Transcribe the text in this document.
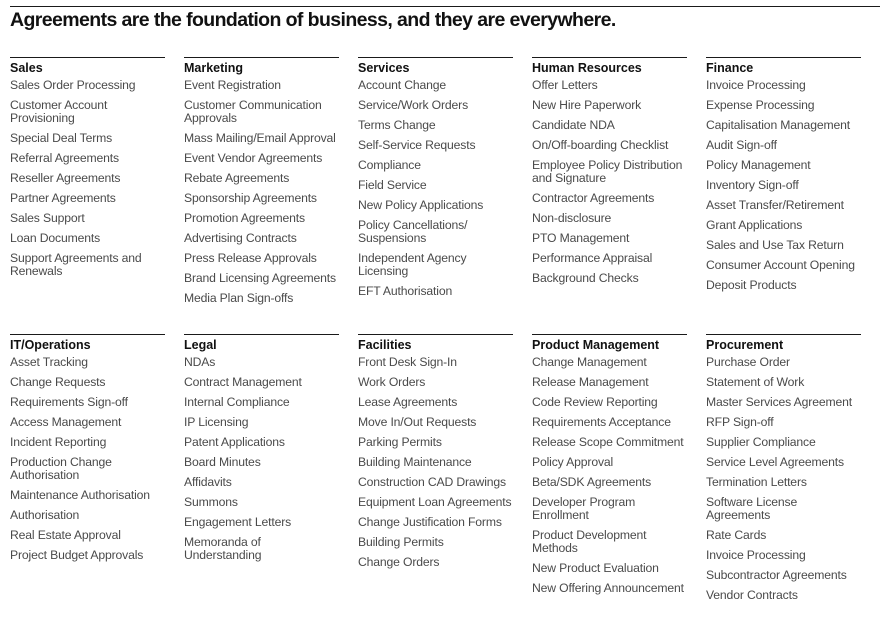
Agreements are the foundation of business, and they are everywhere.
Sales
Sales Order Processing
Customer Account Provisioning
Special Deal Terms
Referral Agreements
Reseller Agreements
Partner Agreements
Sales Support
Loan Documents
Support Agreements and Renewals
Marketing
Event Registration
Customer Communication Approvals
Mass Mailing/Email Approval
Event Vendor Agreements
Rebate Agreements
Sponsorship Agreements
Promotion Agreements
Advertising Contracts
Press Release Approvals
Brand Licensing Agreements
Media Plan Sign-offs
Services
Account Change
Service/Work Orders
Terms Change
Self-Service Requests
Compliance
Field Service
New Policy Applications
Policy Cancellations/ Suspensions
Independent Agency Licensing
EFT Authorisation
Human Resources
Offer Letters
New Hire Paperwork
Candidate NDA
On/Off-boarding Checklist
Employee Policy Distribution and Signature
Contractor Agreements
Non-disclosure
PTO Management
Performance Appraisal
Background Checks
Finance
Invoice Processing
Expense Processing
Capitalisation Management
Audit Sign-off
Policy Management
Inventory Sign-off
Asset Transfer/Retirement
Grant Applications
Sales and Use Tax Return
Consumer Account Opening
Deposit Products
IT/Operations
Asset Tracking
Change Requests
Requirements Sign-off
Access Management
Incident Reporting
Production Change Authorisation
Maintenance Authorisation
Authorisation
Real Estate Approval
Project Budget Approvals
Legal
NDAs
Contract Management
Internal Compliance
IP Licensing
Patent Applications
Board Minutes
Affidavits
Summons
Engagement Letters
Memoranda of Understanding
Facilities
Front Desk Sign-In
Work Orders
Lease Agreements
Move In/Out Requests
Parking Permits
Building Maintenance
Construction CAD Drawings
Equipment Loan Agreements
Change Justification Forms
Building Permits
Change Orders
Product Management
Change Management
Release Management
Code Review Reporting
Requirements Acceptance
Release Scope Commitment
Policy Approval
Beta/SDK Agreements
Developer Program Enrollment
Product Development Methods
New Product Evaluation
New Offering Announcement
Procurement
Purchase Order
Statement of Work
Master Services Agreement
RFP Sign-off
Supplier Compliance
Service Level Agreements
Termination Letters
Software License Agreements
Rate Cards
Invoice Processing
Subcontractor Agreements
Vendor Contracts
